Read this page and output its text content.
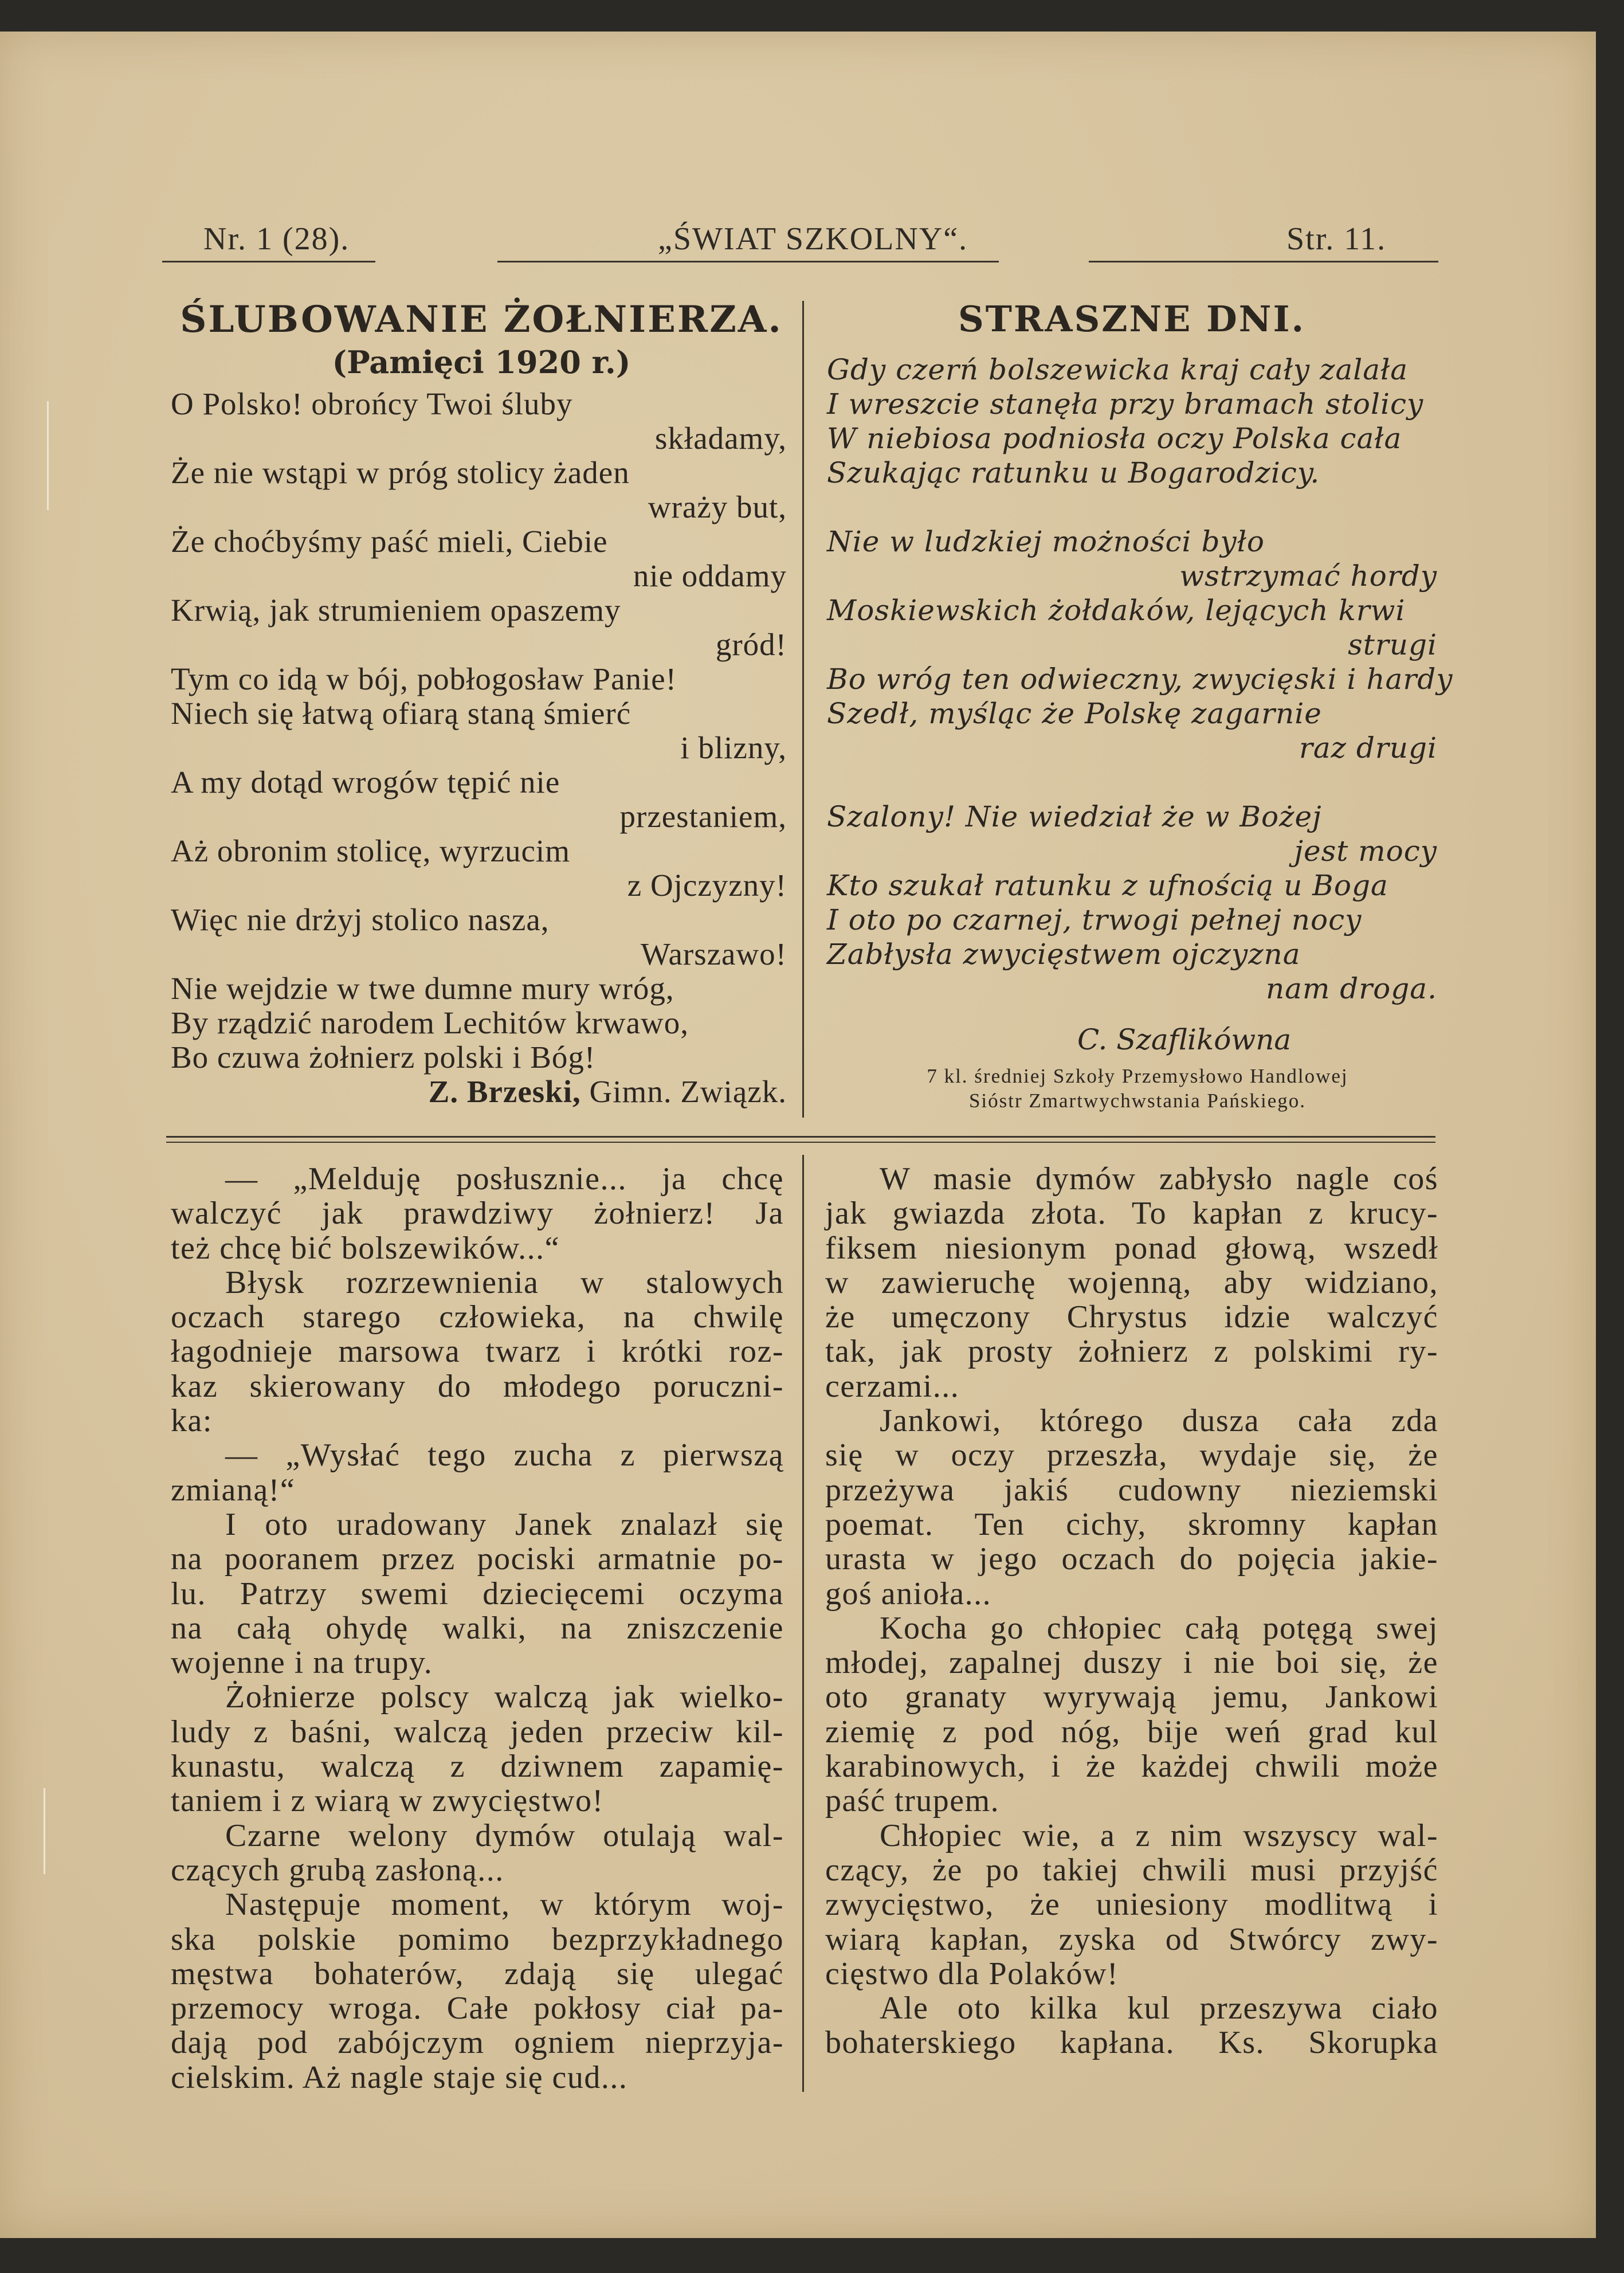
Nr. 1 (28).	„ŚWIAT SZKOLNY“.	Str. 11.
ŚLUBOWANIE ŻOŁNIERZA.
(Pamięci 1920 r.)
O Polsko! obrońcy Twoi śluby
składamy,
Że nie wstąpi w próg stolicy żaden
wrażу but,
Że choćbyśmy paść mieli, Ciebie
nie oddamy
Krwią, jak strumieniem opaszemy
gród!
Tym co idą w bój, pobłogosław Panie!
Niech się łatwą ofiarą staną śmierć
i blizny,
A my dotąd wrogów tępić nie
przestaniem,
Aż obronim stolicę, wyrzucim
z Ojczyzny!
Więc nie drżyj stolico nasza,
Warszawo!
Nie wejdzie w twe dumne mury wróg,
By rządzić narodem Lechitów krwawo,
Bo czuwa żołnierz polski i Bóg!
Z. Brzeski, Gimn. Związk.
STRASZNE DNI.
Gdy czerń bolszewicka kraj cały zalała
I wreszcie stanęła przy bramach stolicy
W niebiosa podniosła oczy Polska cała
Szukając ratunku u Bogarodzicy.
Nie w ludzkiej możności było
wstrzymać hordy
Moskiewskich żołdaków, lejących krwi
strugi
Bo wróg ten odwieczny, zwycięski i hardy
Szedł, myśląc że Polskę zagarnie
raz drugi
Szalony! Nie wiedział że w Bożej
jest mocy
Kto szukał ratunku z ufnością u Boga
I oto po czarnej, trwogi pełnej nocy
Zabłysła zwycięstwem ojczyzna
nam droga.
C. Szaflikówna
7 kl. średniej Szkoły Przemysłowo Handlowej
Sióstr Zmartwychwstania Pańskiego.
— „Melduję posłusznie... ja chcę
walczyć jak prawdziwy żołnierz! Ja
też chcę bić bolszewików...“
Błysk rozrzewnienia w stalowych
oczach starego człowieka, na chwilę
łagodnieje marsowa twarz i krótki roz-
kaz skierowany do młodego porucznі-
ka:
— „Wysłać tego zucha z pierwszą
zmianą!“
I oto uradowany Janek znalazł się
na pooranem przez pociski armatnie po-
lu. Patrzy swemi dziecięcemi oczyma
na całą ohydę walki, na zniszczenie
wojenne i na trupy.
Żołnierze polscy walczą jak wielko-
ludy z baśni, walczą jeden przeciw kil-
kunastu, walczą z dziwnem zapamię-
taniem i z wiarą w zwycięstwo!
Czarne welony dymów otulają wal-
czących grubą zasłoną...
Następuje moment, w którym woj-
ska polskie pomimo bezprzykładnego
męstwa bohaterów, zdają się ulegać
przemocy wroga. Całe pokłosy ciał pa-
dają pod zabójczym ogniem nieprzyja-
cielskim. Aż nagle staje się cud...
W masie dymów zabłysło nagle coś
jak gwiazda złota. To kapłan z krucy-
fiksem niesionym ponad głową, wszedł
w zawieruchę wojenną, aby widziano,
że umęczony Chrystus idzie walczyć
tak, jak prosty żołnierz z polskimi ry-
cerzami...
Jankowi, którego dusza cała zda
się w oczy przeszła, wydaje się, że
przeżywa jakiś cudowny nieziemski
poemat. Ten cichy, skromny kapłan
urasta w jego oczach do pojęcia jakie-
goś anioła...
Kocha go chłopiec całą potęgą swej
młodej, zapalnej duszy i nie boi się, że
oto granaty wyrywają jemu, Jankowi
ziemię z pod nóg, bije weń grad kul
karabinowych, i że każdej chwili może
paść trupem.
Chłopiec wie, a z nim wszyscy wal-
czący, że po takiej chwili musi przyjść
zwycięstwo, że uniesiony modlitwą i
wiarą kapłan, zyska od Stwórcy zwy-
cięstwo dla Polaków!
Ale oto kilka kul przeszywa ciało
bohaterskiego kapłana. Ks. Skorupka
